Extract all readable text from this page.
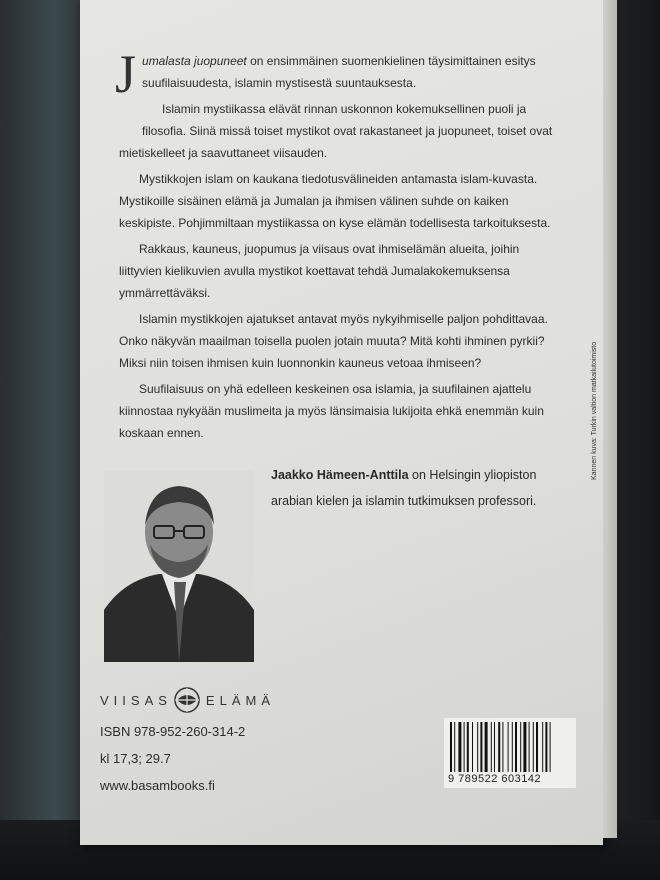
Jumalasta juopuneet on ensimmäinen suomenkielinen täysimittainen esitys suufilaisuudesta, islamin mystisestä suuntauksesta.

Islamin mystiikassa elävät rinnan uskonnon kokemuksellinen puoli ja filosofia. Siinä missä toiset mystikot ovat rakastaneet ja juopuneet, toiset ovat mietiskelleet ja saavuttaneet viisauden.

Mystikkojen islam on kaukana tiedotusvälineiden antamasta islam-kuvasta. Mystikoille sisäinen elämä ja Jumalan ja ihmisen välinen suhde on kaiken keskipiste. Pohjimmiltaan mystiikassa on kyse elämän todellisesta tarkoituksesta.

Rakkaus, kauneus, juopumus ja viisaus ovat ihmiselämän alueita, joihin liittyvien kielikuvien avulla mystikot koettavat tehdä Jumalakokemuksensa ymmärrettäväksi.

Islamin mystikkojen ajatukset antavat myös nykyihmiselle paljon pohdittavaa. Onko näkyvän maailman toisella puolen jotain muuta? Mitä kohti ihminen pyrkii? Miksi niin toisen ihmisen kuin luonnonkin kauneus vetoaa ihmiseen?

Suufilaisuus on yhä edelleen keskeinen osa islamia, ja suufilainen ajattelu kiinnostaa nykyään muslimeita ja myös länsimaisia lukijoita ehkä enemmän kuin koskaan ennen.

Jaakko Hämeen-Anttila on Helsingin yliopiston arabian kielen ja islamin tutkimuksen professori.
VIISAS	ELÄMÄ
ISBN 978-952-260-314-2
kl 17,3; 29.7
www.basambooks.fi
Kannen kuva: Turkin valtion matkailutoimisto
9 789522 603142
